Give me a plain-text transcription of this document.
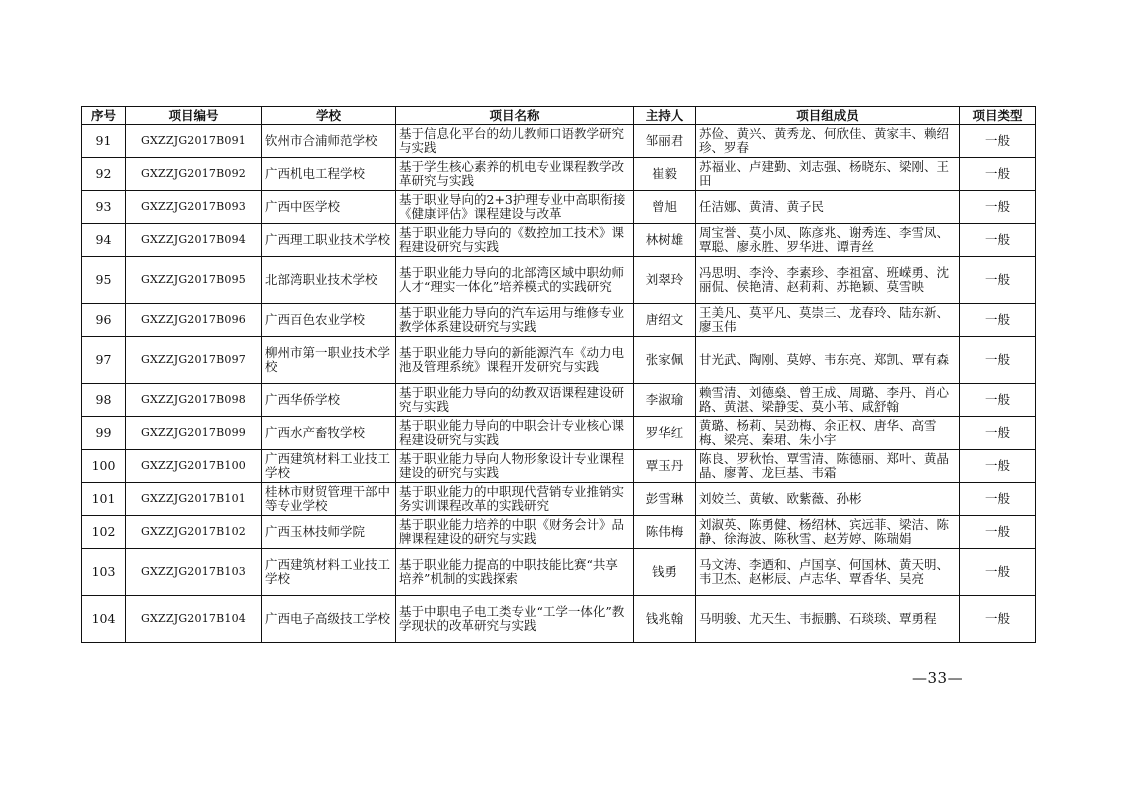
序号	项目编号	学校	项目名称	主持人	项目组成员	项目类型
91	GXZZJG2017B091	钦州市合浦师范学校	基于信息化平台的幼儿教师口语教学研究与实践	邹丽君	苏俭、黄兴、黄秀龙、何欣佳、黄家丰、赖绍珍、罗春	一般
92	GXZZJG2017B092	广西机电工程学校	基于学生核心素养的机电专业课程教学改革研究与实践	崔毅	苏福业、卢建勤、刘志强、杨晓东、梁刚、王田	一般
93	GXZZJG2017B093	广西中医学校	基于职业导向的2+3护理专业中高职衔接《健康评估》课程建设与改革	曾旭	任洁娜、黄清、黄子民	一般
94	GXZZJG2017B094	广西理工职业技术学校	基于职业能力导向的《数控加工技术》课程建设研究与实践	林树雄	周宝誉、莫小凤、陈彦兆、谢秀连、李雪凤、覃聪、廖永胜、罗华进、谭青丝	一般
95	GXZZJG2017B095	北部湾职业技术学校	基于职业能力导向的北部湾区域中职幼师人才“理实一体化”培养模式的实践研究	刘翠玲	冯思明、李泠、李素珍、李祖富、班嵘勇、沈丽侃、侯艳清、赵莉莉、苏艳颖、莫雪映	一般
96	GXZZJG2017B096	广西百色农业学校	基于职业能力导向的汽车运用与维修专业教学体系建设研究与实践	唐绍文	王美凡、莫平凡、莫崇三、龙春玲、陆东新、廖玉伟	一般
97	GXZZJG2017B097	柳州市第一职业技术学校	基于职业能力导向的新能源汽车《动力电池及管理系统》课程开发研究与实践	张家佩	甘光武、陶刚、莫婷、韦东亮、郑凯、覃有森	一般
98	GXZZJG2017B098	广西华侨学校	基于职业能力导向的幼教双语课程建设研究与实践	李淑瑜	赖雪清、刘德燊、曾王成、周璐、李丹、肖心路、黄湛、梁静雯、莫小苇、咸舒翰	一般
99	GXZZJG2017B099	广西水产畜牧学校	基于职业能力导向的中职会计专业核心课程建设研究与实践	罗华红	黄璐、杨莉、吴劲梅、余正权、唐华、高雪梅、梁亮、秦珺、朱小宇	一般
100	GXZZJG2017B100	广西建筑材料工业技工学校	基于职业能力导向人物形象设计专业课程建设的研究与实践	覃玉丹	陈良、罗秋怡、覃雪清、陈德丽、郑叶、黄晶晶、廖菁、龙巨基、韦霜	一般
101	GXZZJG2017B101	桂林市财贸管理干部中等专业学校	基于职业能力的中职现代营销专业推销实务实训课程改革的实践研究	彭雪琳	刘姣兰、黄敏、欧紫薇、孙彬	一般
102	GXZZJG2017B102	广西玉林技师学院	基于职业能力培养的中职《财务会计》品牌课程建设的研究与实践	陈伟梅	刘淑英、陈勇健、杨绍林、宾远菲、梁洁、陈静、徐海波、陈秋雪、赵芳婷、陈瑞娟	一般
103	GXZZJG2017B103	广西建筑材料工业技工学校	基于职业能力提高的中职技能比赛“共享培养”机制的实践探索	钱勇	马文涛、李迺和、卢国享、何国林、黄天明、韦卫杰、赵彬辰、卢志华、覃香华、吴亮	一般
104	GXZZJG2017B104	广西电子高级技工学校	基于中职电子电工类专业“工学一体化”教学现状的改革研究与实践	钱兆翰	马明骏、尤天生、韦振鹏、石琰琰、覃勇程	一般
—33—
